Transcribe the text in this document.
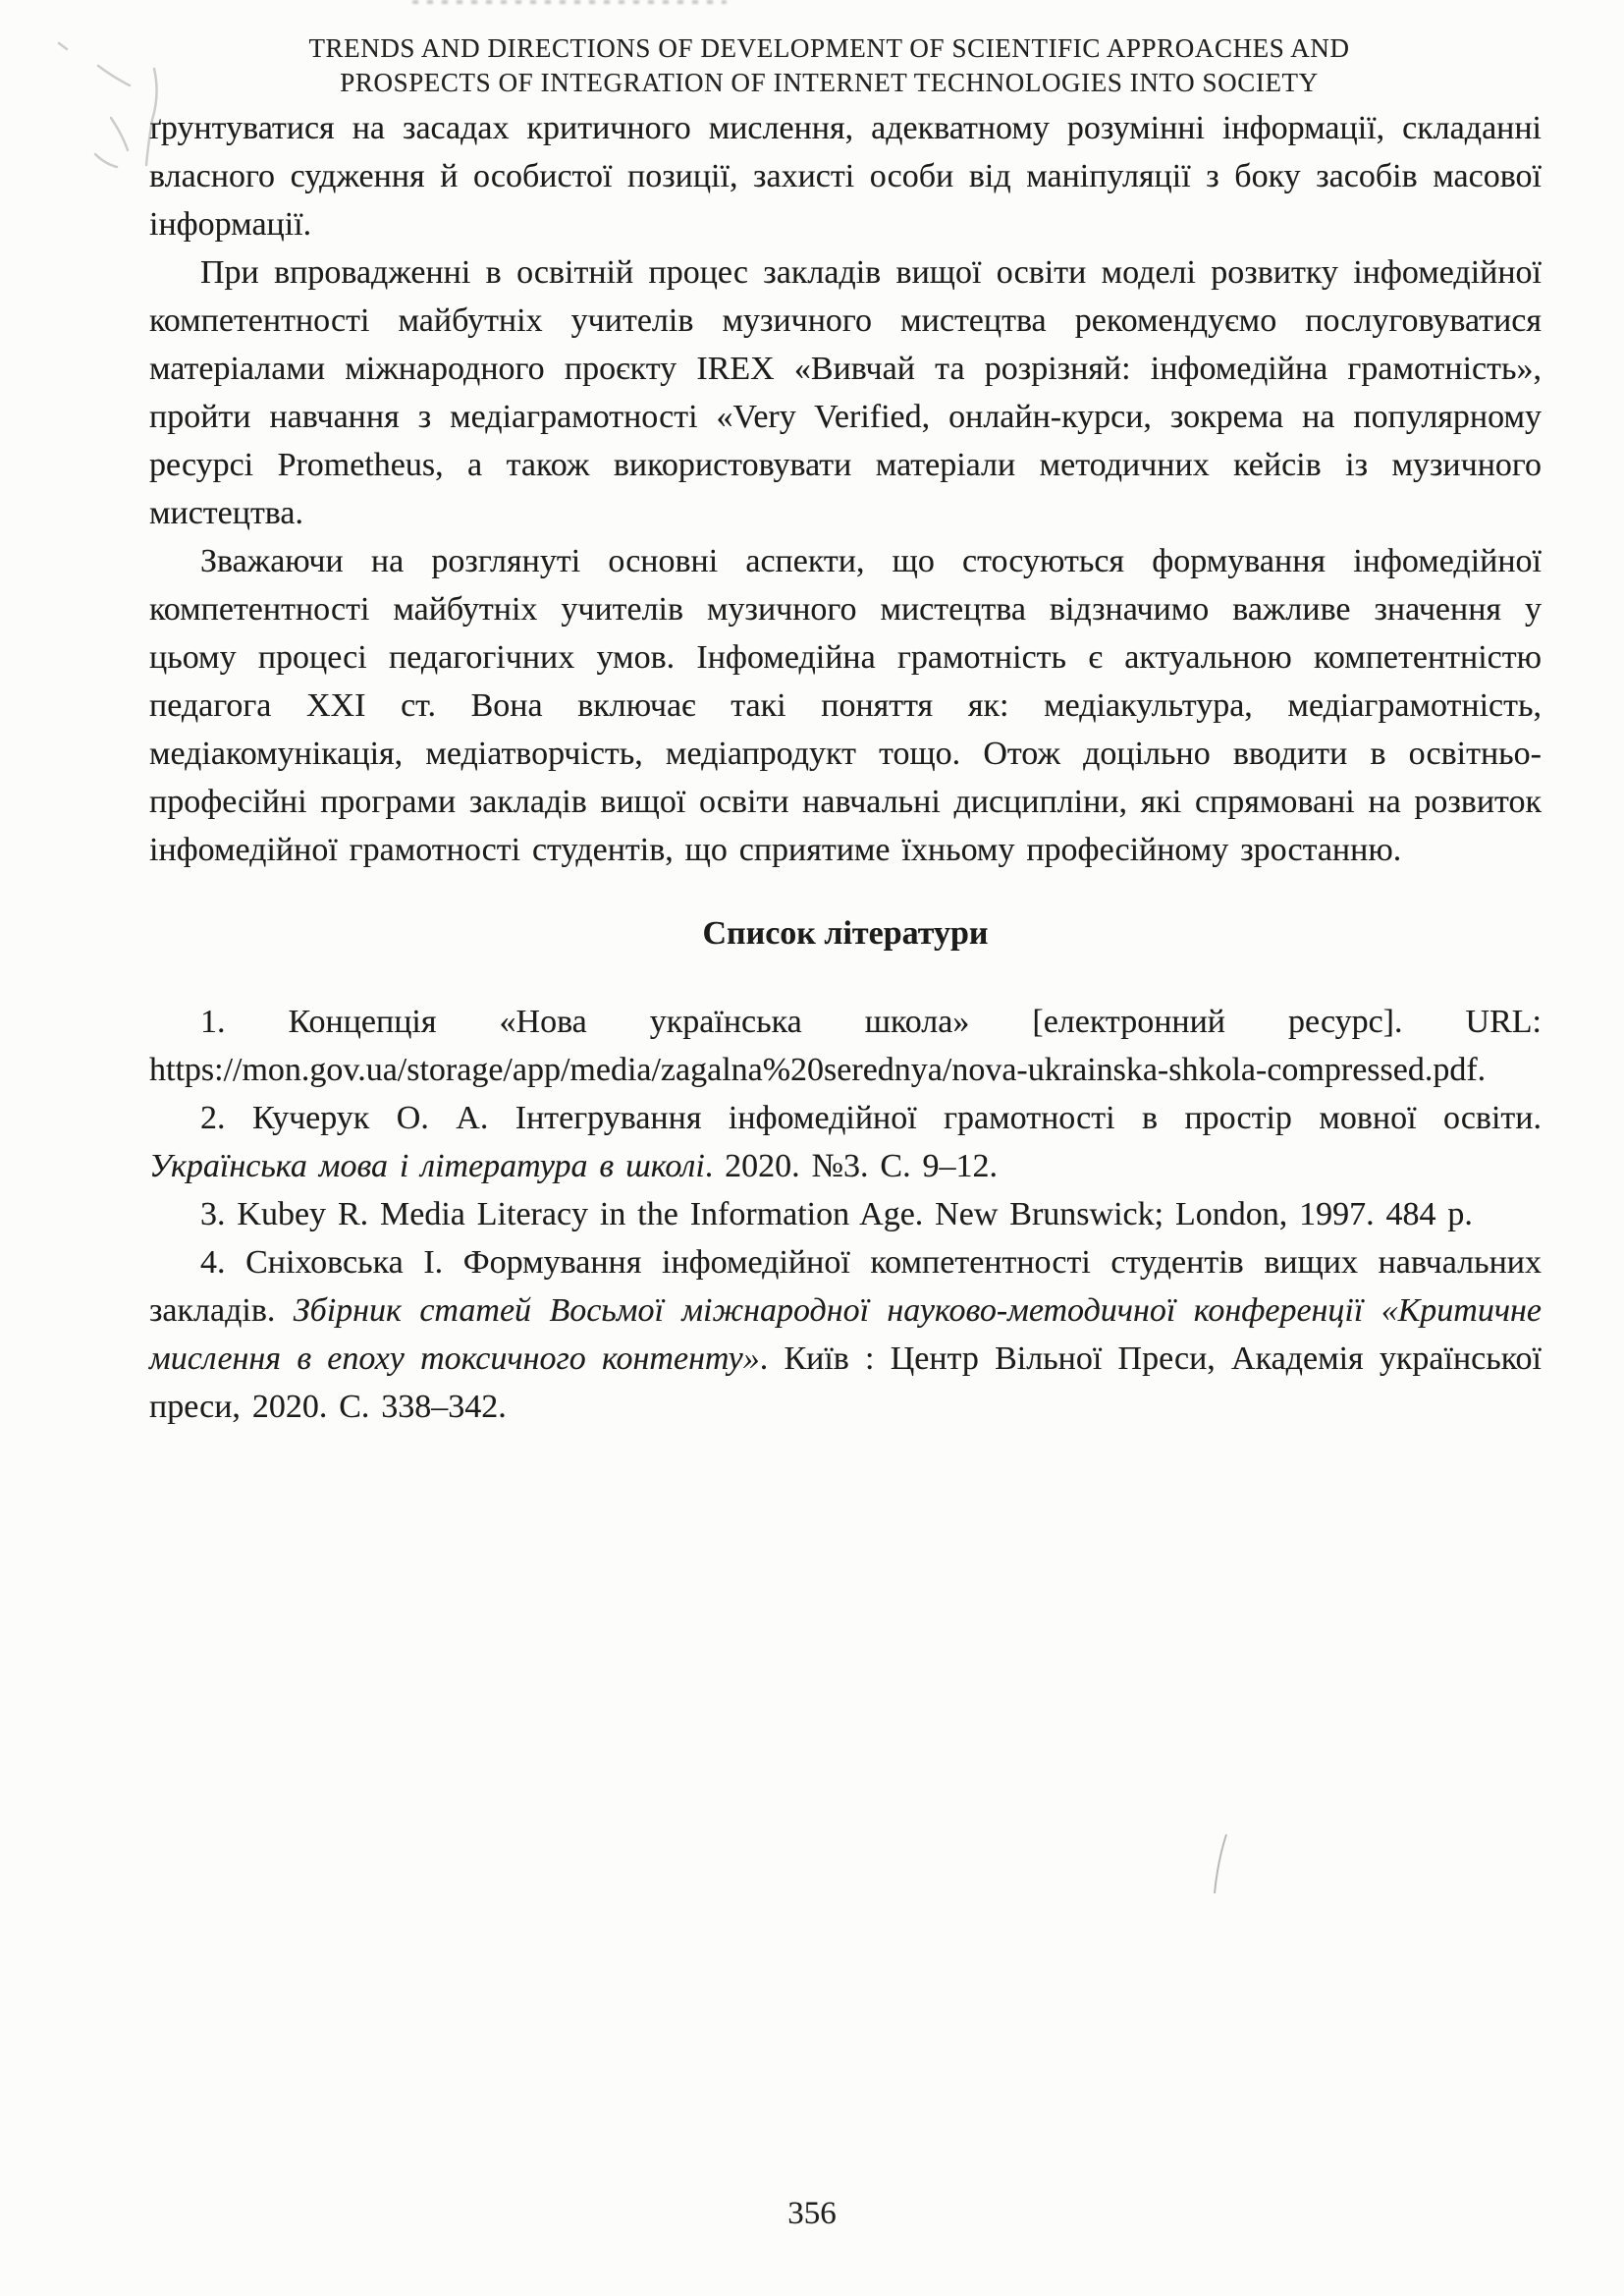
TRENDS AND DIRECTIONS OF DEVELOPMENT OF SCIENTIFIC APPROACHES AND
PROSPECTS OF INTEGRATION OF INTERNET TECHNOLOGIES INTO SOCIETY

ґрунтуватися на засадах критичного мислення, адекватному розумінні інформації, складанні власного судження й особистої позиції, захисті особи від маніпуляції з боку засобів масової інформації.

При впровадженні в освітній процес закладів вищої освіти моделі розвитку інфомедійної компетентності майбутніх учителів музичного мистецтва рекомендуємо послуговуватися матеріалами міжнародного проєкту IREX «Вивчай та розрізняй: інфомедійна грамотність», пройти навчання з медіаграмотності «Very Verified, онлайн-курси, зокрема на популярному ресурсі Prometheus, а також використовувати матеріали методичних кейсів із музичного мистецтва.

Зважаючи на розглянуті основні аспекти, що стосуються формування інфомедійної компетентності майбутніх учителів музичного мистецтва відзначимо важливе значення у цьому процесі педагогічних умов. Інфомедійна грамотність є актуальною компетентністю педагога XXI ст. Вона включає такі поняття як: медіакультура, медіаграмотність, медіакомунікація, медіатворчість, медіапродукт тощо. Отож доцільно вводити в освітньо-професійні програми закладів вищої освіти навчальні дисципліни, які спрямовані на розвиток інфомедійної грамотності студентів, що сприятиме їхньому професійному зростанню.

Список літератури

1. Концепція «Нова українська школа» [електронний ресурс]. URL: https://mon.gov.ua/storage/app/media/zagalna%20serednya/nova-ukrainska-shkola-compressed.pdf.

2. Кучерук О. А. Інтегрування інфомедійної грамотності в простір мовної освіти. Українська мова і література в школі. 2020. №3. С. 9–12.

3. Kubey R. Media Literacy in the Information Age. New Brunswick; London, 1997. 484 p.

4. Сніховська І. Формування інфомедійної компетентності студентів вищих навчальних закладів. Збірник статей Восьмої міжнародної науково-методичної конференції «Критичне мислення в епоху токсичного контенту». Київ : Центр Вільної Преси, Академія української преси, 2020. С. 338–342.

356
